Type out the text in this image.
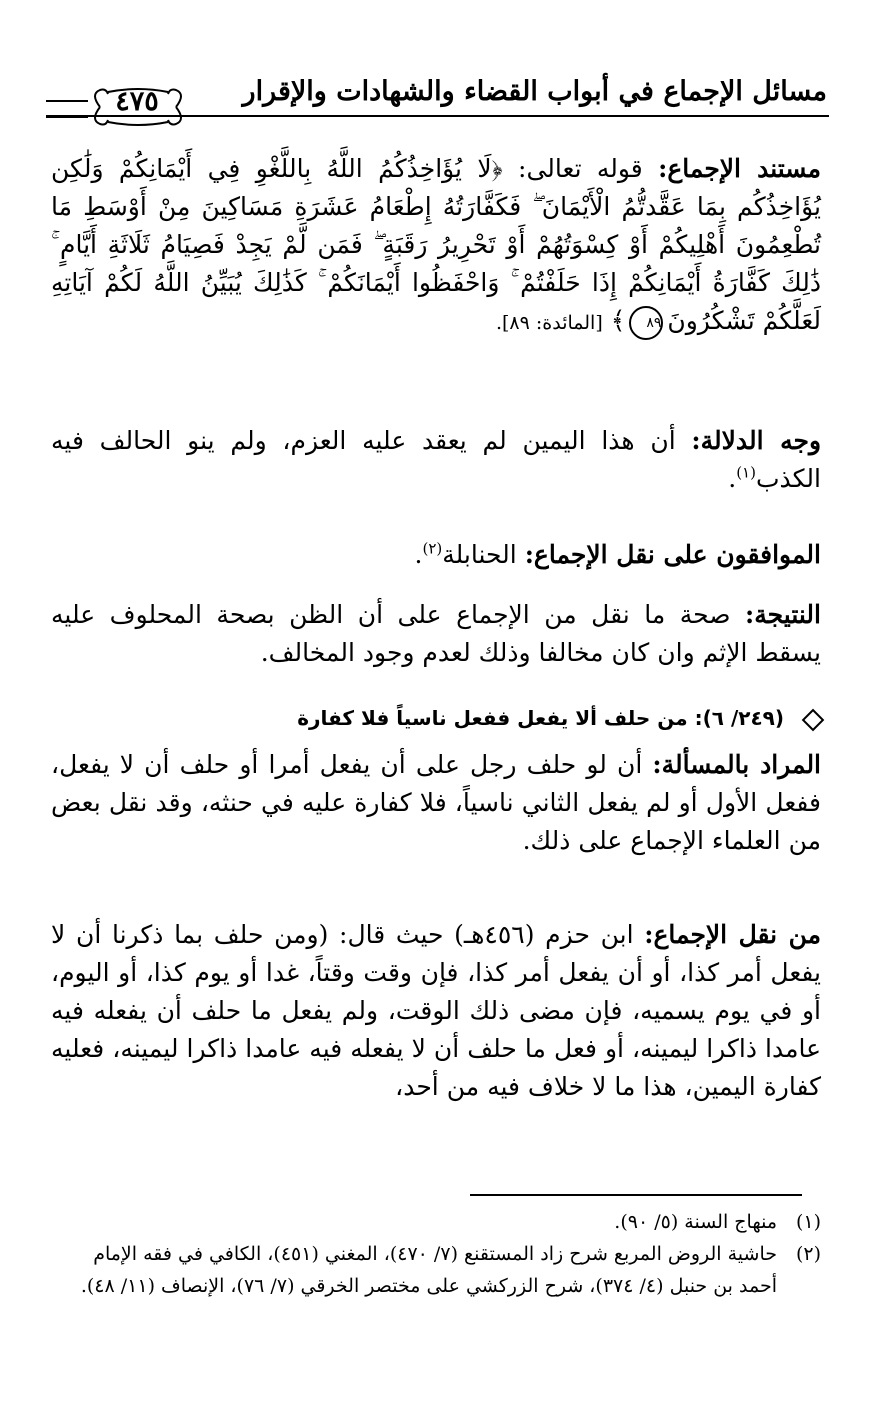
مسائل الإجماع في أبواب القضاء والشهادات والإقرار
٤٧٥
مستند الإجماع: قوله تعالى: ﴿لَا يُؤَاخِذُكُمُ اللَّهُ بِاللَّغْوِ فِي أَيْمَانِكُمْ وَلَٰكِن يُؤَاخِذُكُم بِمَا عَقَّدتُّمُ الْأَيْمَانَ ۖ فَكَفَّارَتُهُ إِطْعَامُ عَشَرَةِ مَسَاكِينَ مِنْ أَوْسَطِ مَا تُطْعِمُونَ أَهْلِيكُمْ أَوْ كِسْوَتُهُمْ أَوْ تَحْرِيرُ رَقَبَةٍ ۖ فَمَن لَّمْ يَجِدْ فَصِيَامُ ثَلَاثَةِ أَيَّامٍ ۚ ذَٰلِكَ كَفَّارَةُ أَيْمَانِكُمْ إِذَا حَلَفْتُمْ ۚ وَاحْفَظُوا أَيْمَانَكُمْ ۚ كَذَٰلِكَ يُبَيِّنُ اللَّهُ لَكُمْ آيَاتِهِ لَعَلَّكُمْ تَشْكُرُونَ٨٩﴾ [المائدة: ٨٩].
وجه الدلالة: أن هذا اليمين لم يعقد عليه العزم، ولم ينو الحالف فيه الكذب$^{(١)}$.
الموافقون على نقل الإجماع: الحنابلة$^{(٢)}$.
النتيجة: صحة ما نقل من الإجماع على أن الظن بصحة المحلوف عليه يسقط الإثم وان كان مخالفا وذلك لعدم وجود المخالف.
(٢٤٩/ ٦): من حلف ألا يفعل ففعل ناسياً فلا كفارة
المراد بالمسألة: أن لو حلف رجل على أن يفعل أمرا أو حلف أن لا يفعل، ففعل الأول أو لم يفعل الثاني ناسياً، فلا كفارة عليه في حنثه، وقد نقل بعض من العلماء الإجماع على ذلك.
من نقل الإجماع: ابن حزم (٤٥٦هـ) حيث قال: (ومن حلف بما ذكرنا أن لا يفعل أمر كذا، أو أن يفعل أمر كذا، فإن وقت وقتاً، غدا أو يوم كذا، أو اليوم، أو في يوم يسميه، فإن مضى ذلك الوقت، ولم يفعل ما حلف أن يفعله فيه عامدا ذاكرا ليمينه، أو فعل ما حلف أن لا يفعله فيه عامدا ذاكرا ليمينه، فعليه كفارة اليمين، هذا ما لا خلاف فيه من أحد،
(١)منهاج السنة (٥/ ٩٠).
(٢)حاشية الروض المربع شرح زاد المستقنع (٧/ ٤٧٠)، المغني (٤٥١)، الكافي في فقه الإمام أحمد بن حنبل (٤/ ٣٧٤)، شرح الزركشي على مختصر الخرقي (٧/ ٧٦)، الإنصاف (١١/ ٤٨).
